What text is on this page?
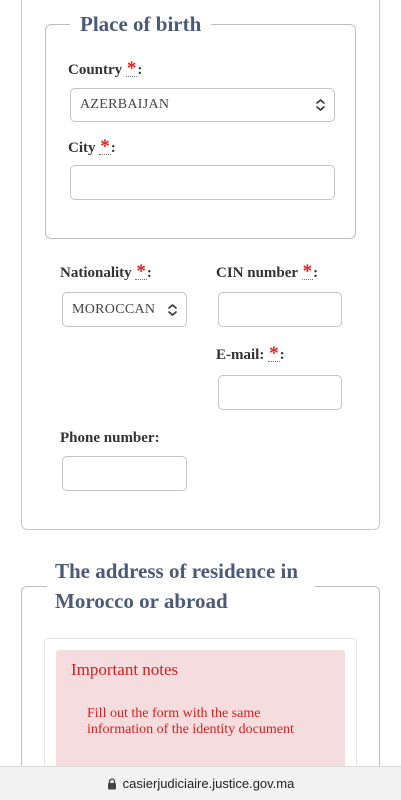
Place of birth
Country *:
AZERBAIJAN
City *:
Nationality *:
MOROCCAN
CIN number *:
E-mail: *:
Phone number:
The address of residence in Morocco or abroad
Important notes
Fill out the form with the same information of the identity document
casierjudiciaire.justice.gov.ma
